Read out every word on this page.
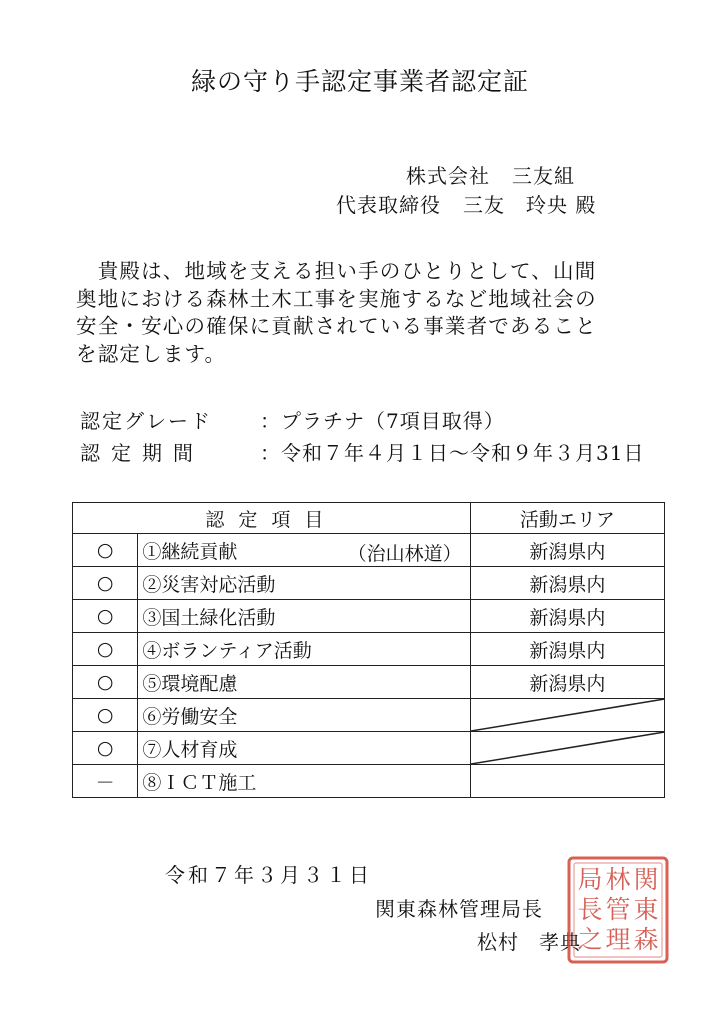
緑の守り手認定事業者認定証
株式会社 三友組
代表取締役 三友　玲央 殿
　貴殿は、地域を支える担い手のひとりとして、山間
奥地における森林土木工事を実施するなど地域社会の
安全・安心の確保に貢献されている事業者であること
を認定します。
認定グレード ：プラチナ（7項目取得）
認定期間	：令和７年４月１日～令和９年３月31日
認定項目		活動エリア
○	①継続貢献 （治山林道）	新潟県内
○	②災害対応活動	新潟県内
○	③国土緑化活動	新潟県内
○	④ボランティア活動	新潟県内
○	⑤環境配慮	新潟県内
○	⑥労働安全	

○	⑦人材育成	

－	⑧ＩＣＴ施工	
令和７年３月３１日
関東森林管理局長
松村 孝典
関
東
森
林
管
理
局
長
之
